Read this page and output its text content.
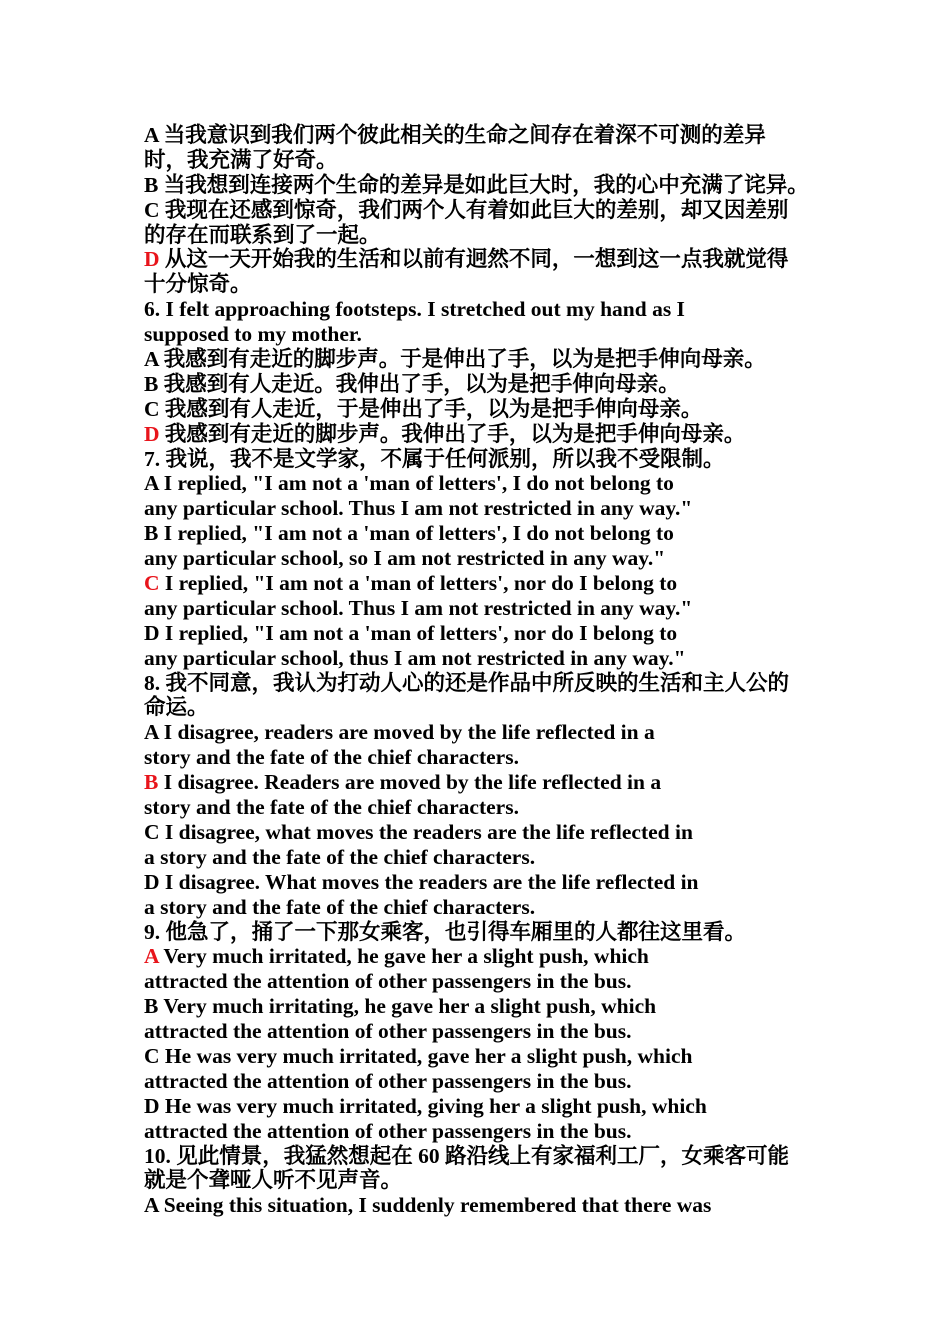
A 当我意识到我们两个彼此相关的生命之间存在着深不可测的差异
时，我充满了好奇。
B 当我想到连接两个生命的差异是如此巨大时，我的心中充满了诧异。
C 我现在还感到惊奇，我们两个人有着如此巨大的差别，却又因差别
的存在而联系到了一起。
D 从这一天开始我的生活和以前有迥然不同，一想到这一点我就觉得
十分惊奇。
6. I felt approaching footsteps. I stretched out my hand as I
supposed to my mother.
A 我感到有走近的脚步声。于是伸出了手，以为是把手伸向母亲。
B 我感到有人走近。我伸出了手，以为是把手伸向母亲。
C 我感到有人走近，于是伸出了手，以为是把手伸向母亲。
D 我感到有走近的脚步声。我伸出了手，以为是把手伸向母亲。
7. 我说，我不是文学家，不属于任何派别，所以我不受限制。
A I replied, "I am not a 'man of letters', I do not belong to
any particular school. Thus I am not restricted in any way."
B I replied, "I am not a 'man of letters', I do not belong to
any particular school, so I am not restricted in any way."
C I replied, "I am not a 'man of letters', nor do I belong to
any particular school. Thus I am not restricted in any way."
D I replied, "I am not a 'man of letters', nor do I belong to
any particular school, thus I am not restricted in any way."
8. 我不同意，我认为打动人心的还是作品中所反映的生活和主人公的
命运。
A I disagree, readers are moved by the life reflected in a
story and the fate of the chief characters.
B I disagree. Readers are moved by the life reflected in a
story and the fate of the chief characters.
C I disagree, what moves the readers are the life reflected in
a story and the fate of the chief characters.
D I disagree. What moves the readers are the life reflected in
a story and the fate of the chief characters.
9. 他急了，捅了一下那女乘客，也引得车厢里的人都往这里看。
A Very much irritated, he gave her a slight push, which
attracted the attention of other passengers in the bus.
B Very much irritating, he gave her a slight push, which
attracted the attention of other passengers in the bus.
C He was very much irritated, gave her a slight push, which
attracted the attention of other passengers in the bus.
D He was very much irritated, giving her a slight push, which
attracted the attention of other passengers in the bus.
10. 见此情景，我猛然想起在 60 路沿线上有家福利工厂，女乘客可能
就是个聋哑人听不见声音。
A Seeing this situation, I suddenly remembered that there was
